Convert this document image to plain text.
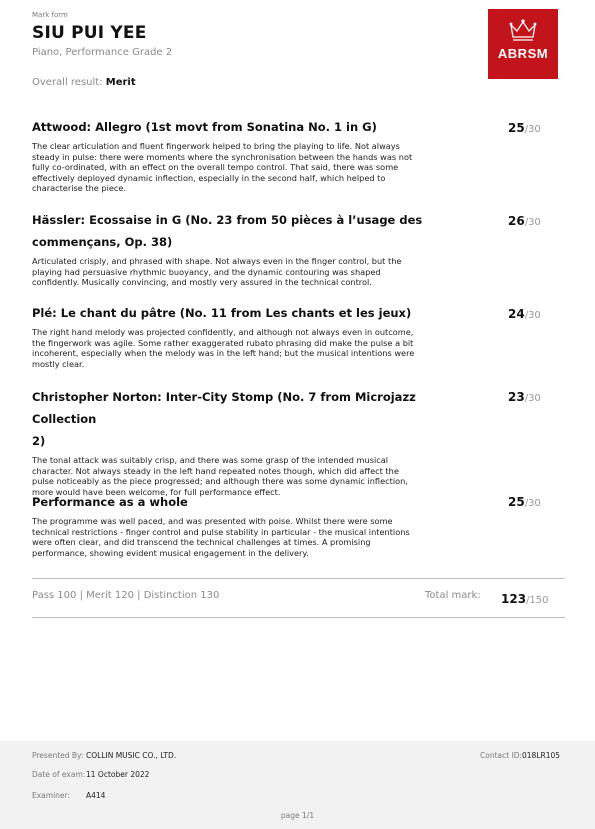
Mark form
SIU PUI YEE
Piano, Performance Grade 2
Overall result: Merit
ABRSM
Attwood: Allegro (1st movt from Sonatina No. 1 in G)
The clear articulation and fluent fingerwork helped to bring the playing to life. Not always
steady in pulse: there were moments where the synchronisation between the hands was not
fully co-ordinated, with an effect on the overall tempo control. That said, there was some
effectively deployed dynamic inflection, especially in the second half, which helped to
characterise the piece.
25/30
Hässler: Ecossaise in G (No. 23 from 50 pièces à l’usage des
commençans, Op. 38)
Articulated crisply, and phrased with shape. Not always even in the finger control, but the
playing had persuasive rhythmic buoyancy, and the dynamic contouring was shaped
confidently. Musically convincing, and mostly very assured in the technical control.
26/30
Plé: Le chant du pâtre (No. 11 from Les chants et les jeux)
The right hand melody was projected confidently, and although not always even in outcome,
the fingerwork was agile. Some rather exaggerated rubato phrasing did make the pulse a bit
incoherent, especially when the melody was in the left hand; but the musical intentions were
mostly clear.
24/30
Christopher Norton: Inter-City Stomp (No. 7 from Microjazz Collection
2)
The tonal attack was suitably crisp, and there was some grasp of the intended musical
character. Not always steady in the left hand repeated notes though, which did affect the
pulse noticeably as the piece progressed; and although there was some dynamic inflection,
more would have been welcome, for full performance effect.
23/30
Performance as a whole
The programme was well paced, and was presented with poise. Whilst there were some
technical restrictions - finger control and pulse stability in particular - the musical intentions
were often clear, and did transcend the technical challenges at times. A promising
performance, showing evident musical engagement in the delivery.
25/30
Pass 100 | Merit 120 | Distinction 130	Total mark: 123/150
Presented By: COLLIN MUSIC CO., LTD.	Contact ID: 018LR105
Date of exam: 11 October 2022
Examiner: A414
page 1/1
